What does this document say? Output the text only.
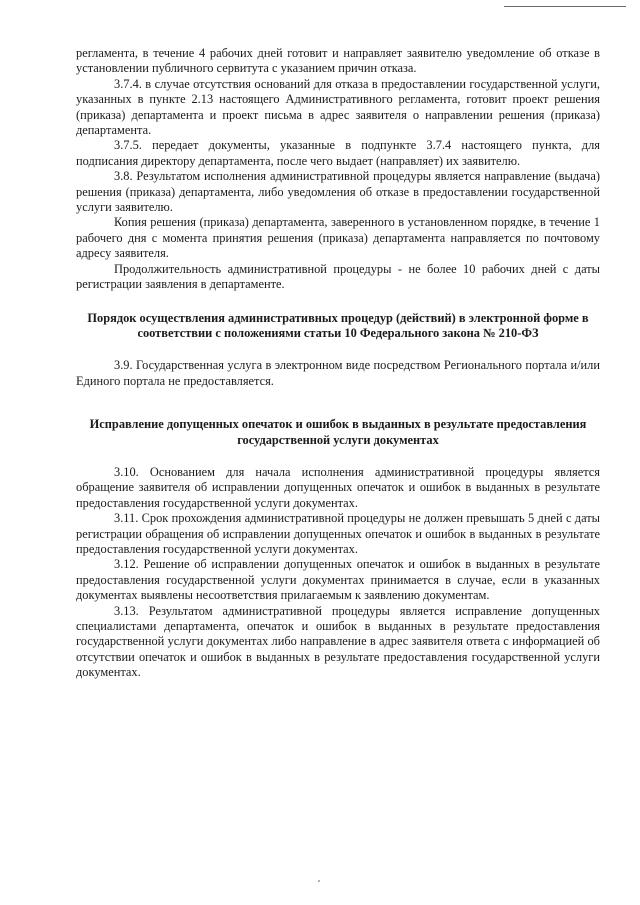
регламента, в течение 4 рабочих дней готовит и направляет заявителю уведомление об отказе в установлении публичного сервитута с указанием причин отказа.

3.7.4. в случае отсутствия оснований для отказа в предоставлении государственной услуги, указанных в пункте 2.13 настоящего Административного регламента, готовит проект решения (приказа) департамента и проект письма в адрес заявителя о направлении решения (приказа) департамента.

3.7.5. передает документы, указанные в подпункте 3.7.4 настоящего пункта, для подписания директору департамента, после чего выдает (направляет) их заявителю.

3.8. Результатом исполнения административной процедуры является направление (выдача) решения (приказа) департамента, либо уведомления об отказе в предоставлении государственной услуги заявителю.

Копия решения (приказа) департамента, заверенного в установленном порядке, в течение 1 рабочего дня с момента принятия решения (приказа) департамента направляется по почтовому адресу заявителя.

Продолжительность административной процедуры - не более 10 рабочих дней с даты регистрации заявления в департаменте.

Порядок осуществления административных процедур (действий) в электронной форме в соответствии с положениями статьи 10 Федерального закона № 210-ФЗ

3.9. Государственная услуга в электронном виде посредством Регионального портала и/или Единого портала не предоставляется.

Исправление допущенных опечаток и ошибок в выданных в результате предоставления государственной услуги документах

3.10. Основанием для начала исполнения административной процедуры является обращение заявителя об исправлении допущенных опечаток и ошибок в выданных в результате предоставления государственной услуги документах.

3.11. Срок прохождения административной процедуры не должен превышать 5 дней с даты регистрации обращения об исправлении допущенных опечаток и ошибок в выданных в результате предоставления государственной услуги документах.

3.12. Решение об исправлении допущенных опечаток и ошибок в выданных в результате предоставления государственной услуги документах принимается в случае, если в указанных документах выявлены несоответствия прилагаемым к заявлению документам.

3.13. Результатом административной процедуры является исправление допущенных специалистами департамента, опечаток и ошибок в выданных в результате предоставления государственной услуги документах либо направление в адрес заявителя ответа с информацией об отсутствии опечаток и ошибок в выданных в результате предоставления государственной услуги документах.
